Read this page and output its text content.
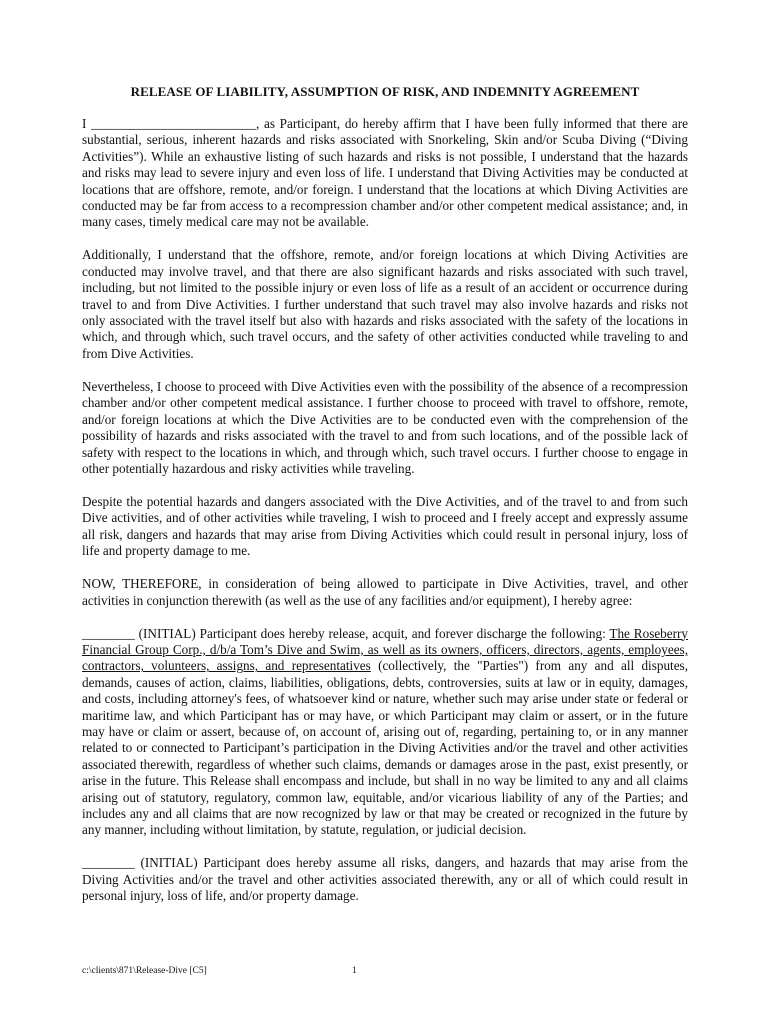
RELEASE OF LIABILITY, ASSUMPTION OF RISK, AND INDEMNITY AGREEMENT

I _________________________, as Participant, do hereby affirm that I have been fully informed that there are substantial, serious, inherent hazards and risks associated with Snorkeling, Skin and/or Scuba Diving (“Diving Activities”). While an exhaustive listing of such hazards and risks is not possible, I understand that the hazards and risks may lead to severe injury and even loss of life. I understand that Diving Activities may be conducted at locations that are offshore, remote, and/or foreign. I understand that the locations at which Diving Activities are conducted may be far from access to a recompression chamber and/or other competent medical assistance; and, in many cases, timely medical care may not be available.

Additionally, I understand that the offshore, remote, and/or foreign locations at which Diving Activities are conducted may involve travel, and that there are also significant hazards and risks associated with such travel, including, but not limited to the possible injury or even loss of life as a result of an accident or occurrence during travel to and from Dive Activities. I further understand that such travel may also involve hazards and risks not only associated with the travel itself but also with hazards and risks associated with the safety of the locations in which, and through which, such travel occurs, and the safety of other activities conducted while traveling to and from Dive Activities.

Nevertheless, I choose to proceed with Dive Activities even with the possibility of the absence of a recompression chamber and/or other competent medical assistance. I further choose to proceed with travel to offshore, remote, and/or foreign locations at which the Dive Activities are to be conducted even with the comprehension of the possibility of hazards and risks associated with the travel to and from such locations, and of the possible lack of safety with respect to the locations in which, and through which, such travel occurs. I further choose to engage in other potentially hazardous and risky activities while traveling.

Despite the potential hazards and dangers associated with the Dive Activities, and of the travel to and from such Dive activities, and of other activities while traveling, I wish to proceed and I freely accept and expressly assume all risk, dangers and hazards that may arise from Diving Activities which could result in personal injury, loss of life and property damage to me.

NOW, THEREFORE, in consideration of being allowed to participate in Dive Activities, travel, and other activities in conjunction therewith (as well as the use of any facilities and/or equipment), I hereby agree:

________ (INITIAL) Participant does hereby release, acquit, and forever discharge the following: The Roseberry Financial Group Corp., d/b/a Tom’s Dive and Swim, as well as its owners, officers, directors, agents, employees, contractors, volunteers, assigns, and representatives (collectively, the "Parties") from any and all disputes, demands, causes of action, claims, liabilities, obligations, debts, controversies, suits at law or in equity, damages, and costs, including attorney's fees, of whatsoever kind or nature, whether such may arise under state or federal or maritime law, and which Participant has or may have, or which Participant may claim or assert, or in the future may have or claim or assert, because of, on account of, arising out of, regarding, pertaining to, or in any manner related to or connected to Participant’s participation in the Diving Activities and/or the travel and other activities associated therewith, regardless of whether such claims, demands or damages arose in the past, exist presently, or arise in the future. This Release shall encompass and include, but shall in no way be limited to any and all claims arising out of statutory, regulatory, common law, equitable, and/or vicarious liability of any of the Parties; and includes any and all claims that are now recognized by law or that may be created or recognized in the future by any manner, including without limitation, by statute, regulation, or judicial decision.

________ (INITIAL) Participant does hereby assume all risks, dangers, and hazards that may arise from the Diving Activities and/or the travel and other activities associated therewith, any or all of which could result in personal injury, loss of life, and/or property damage.

c:\clients\871\Release-Dive [C5]	1
